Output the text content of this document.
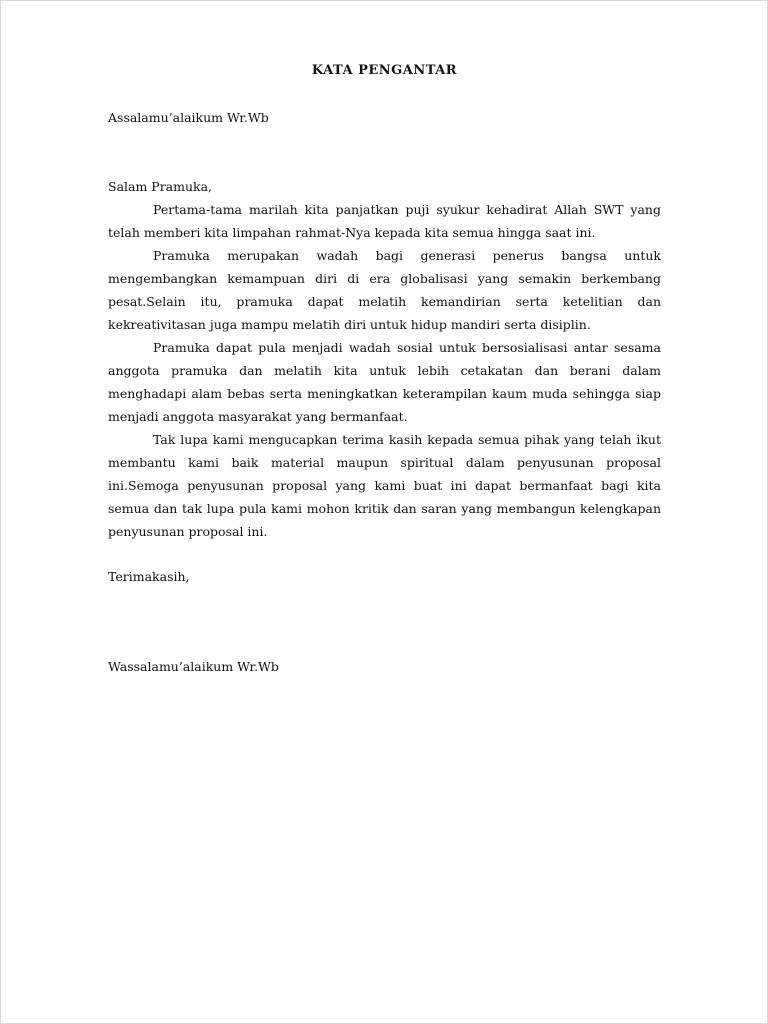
KATA PENGANTAR
Assalamu’alaikum Wr.Wb
Salam Pramuka,

Pertama-tama marilah kita panjatkan puji syukur kehadirat Allah SWT yang telah memberi kita limpahan rahmat-Nya kepada kita semua hingga saat ini.

Pramuka merupakan wadah bagi generasi penerus bangsa untuk mengembangkan kemampuan diri di era globalisasi yang semakin berkembang pesat.Selain itu, pramuka dapat melatih kemandirian serta ketelitian dan kekreativitasan juga mampu melatih diri untuk hidup mandiri serta disiplin.

Pramuka dapat pula menjadi wadah sosial untuk bersosialisasi antar sesama anggota pramuka dan melatih kita untuk lebih cetakatan dan berani dalam menghadapi alam bebas serta meningkatkan keterampilan kaum muda sehingga siap menjadi anggota masyarakat yang bermanfaat.

Tak lupa kami mengucapkan terima kasih kepada semua pihak yang telah ikut membantu kami baik material maupun spiritual dalam penyusunan proposal ini.Semoga penyusunan proposal yang kami buat ini dapat bermanfaat bagi kita semua dan tak lupa pula kami mohon kritik dan saran yang membangun kelengkapan penyusunan proposal ini.

Terimakasih,
Wassalamu’alaikum Wr.Wb
